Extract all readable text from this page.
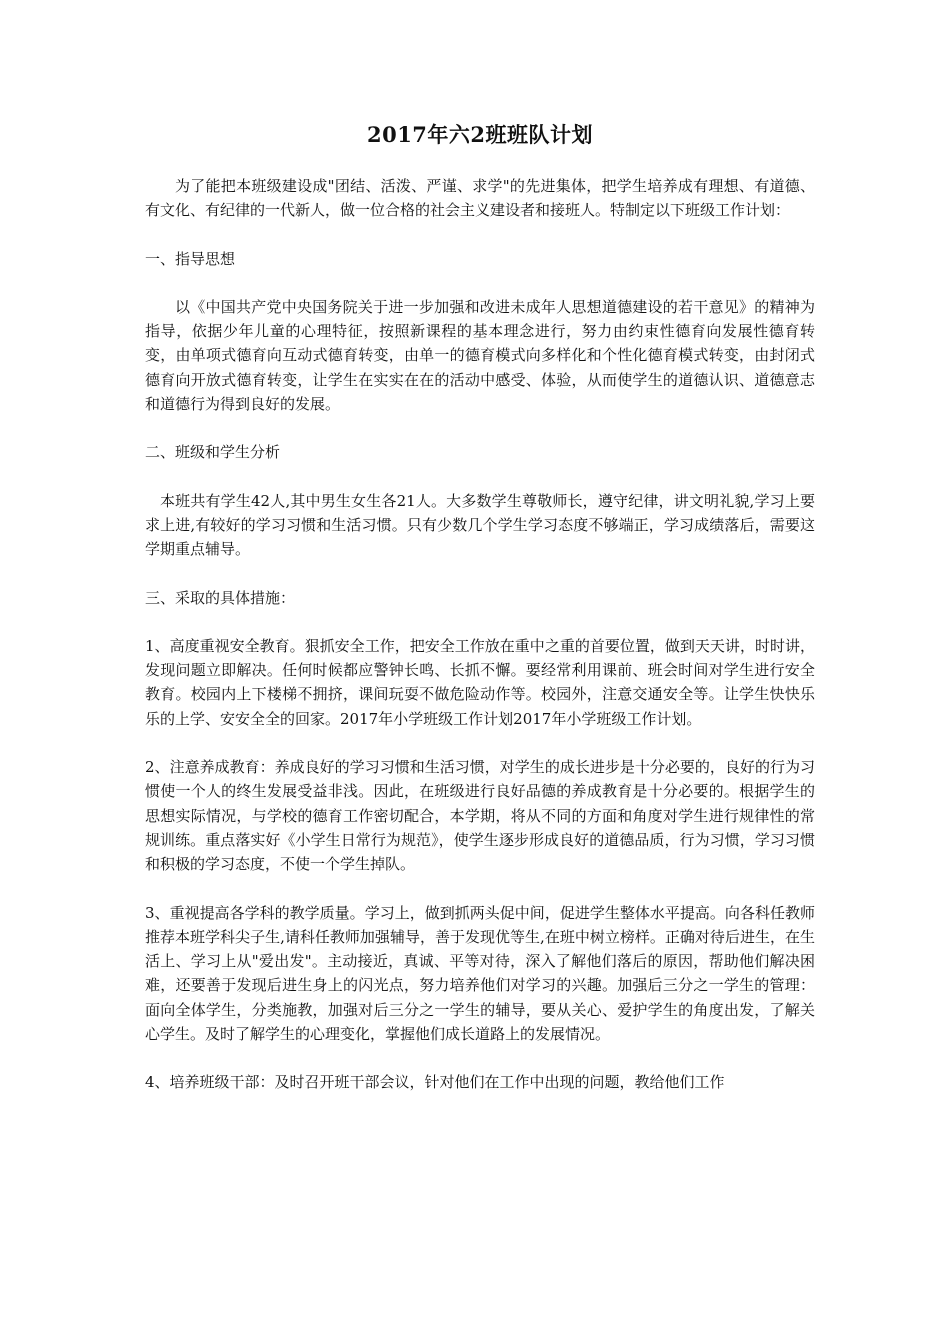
2017年六2班班队计划

为了能把本班级建设成"团结、活泼、严谨、求学"的先进集体，把学生培养成有理想、有道德、有文化、有纪律的一代新人，做一位合格的社会主义建设者和接班人。特制定以下班级工作计划：

一、指导思想

以《中国共产党中央国务院关于进一步加强和改进未成年人思想道德建设的若干意见》的精神为指导，依据少年儿童的心理特征，按照新课程的基本理念进行，努力由约束性德育向发展性德育转变，由单项式德育向互动式德育转变，由单一的德育模式向多样化和个性化德育模式转变，由封闭式德育向开放式德育转变，让学生在实实在在的活动中感受、体验，从而使学生的道德认识、道德意志和道德行为得到良好的发展。

二、班级和学生分析

本班共有学生42人,其中男生女生各21人。大多数学生尊敬师长，遵守纪律，讲文明礼貌,学习上要求上进,有较好的学习习惯和生活习惯。只有少数几个学生学习态度不够端正，学习成绩落后，需要这学期重点辅导。

三、采取的具体措施：

1、高度重视安全教育。狠抓安全工作，把安全工作放在重中之重的首要位置，做到天天讲，时时讲，发现问题立即解决。任何时候都应警钟长鸣、长抓不懈。要经常利用课前、班会时间对学生进行安全教育。校园内上下楼梯不拥挤，课间玩耍不做危险动作等。校园外，注意交通安全等。让学生快快乐乐的上学、安安全全的回家。2017年小学班级工作计划2017年小学班级工作计划。

2、注意养成教育：养成良好的学习习惯和生活习惯，对学生的成长进步是十分必要的，良好的行为习惯使一个人的终生发展受益非浅。因此，在班级进行良好品德的养成教育是十分必要的。根据学生的思想实际情况，与学校的德育工作密切配合，本学期，将从不同的方面和角度对学生进行规律性的常规训练。重点落实好《小学生日常行为规范》，使学生逐步形成良好的道德品质，行为习惯，学习习惯和积极的学习态度，不使一个学生掉队。

3、重视提高各学科的教学质量。学习上，做到抓两头促中间，促进学生整体水平提高。向各科任教师推荐本班学科尖子生,请科任教师加强辅导，善于发现优等生,在班中树立榜样。正确对待后进生，在生活上、学习上从"爱出发"。主动接近，真诚、平等对待，深入了解他们落后的原因，帮助他们解决困难，还要善于发现后进生身上的闪光点，努力培养他们对学习的兴趣。加强后三分之一学生的管理：面向全体学生，分类施教，加强对后三分之一学生的辅导，要从关心、爱护学生的角度出发，了解关心学生。及时了解学生的心理变化，掌握他们成长道路上的发展情况。

4、培养班级干部：及时召开班干部会议，针对他们在工作中出现的问题，教给他们工作
